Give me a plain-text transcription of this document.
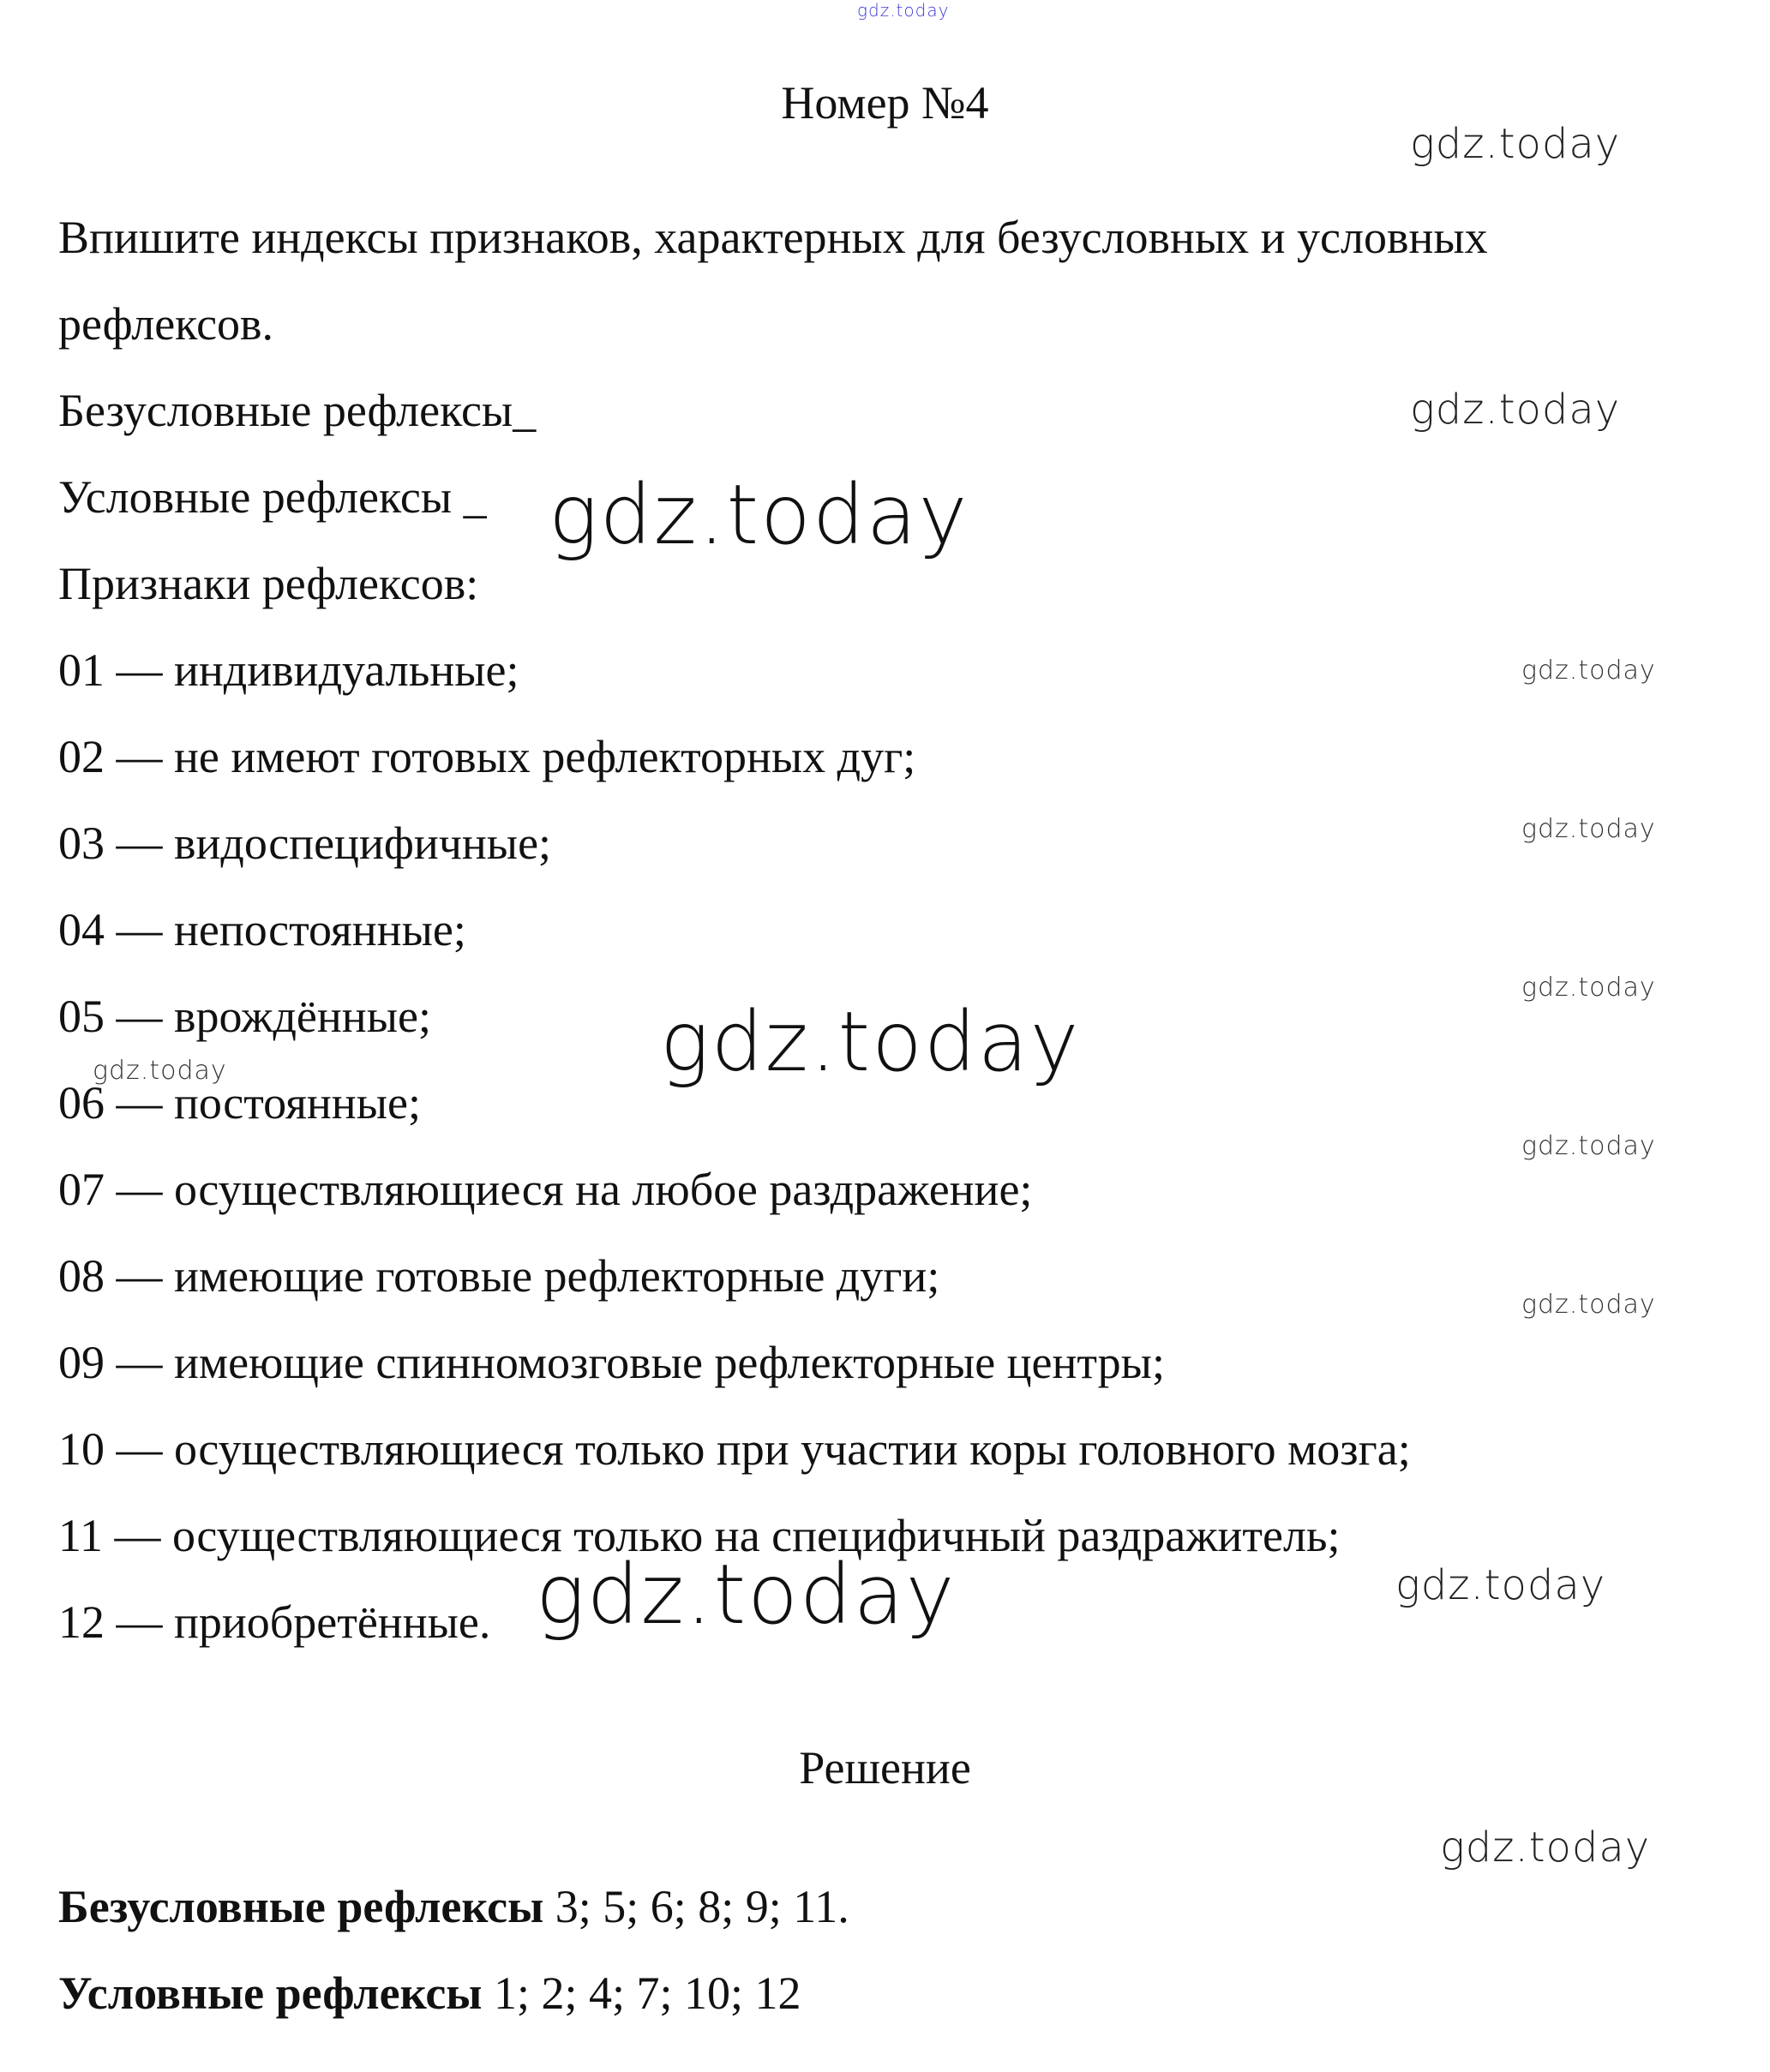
gdz.today
gdz.today
gdz.today
gdz.today
gdz.today
gdz.today
gdz.today
gdz.today
gdz.today
gdz.today
gdz.today
gdz.today
gdz.today
gdz.today
Номер №4
Впишите индексы признаков, характерных для безусловных и условных
рефлексов.
Безусловные рефлексы_
Условные рефлексы _
Признаки рефлексов:
01 — индивидуальные;
02 — не имеют готовых рефлекторных дуг;
03 — видоспецифичные;
04 — непостоянные;
05 — врождённые;
06 — постоянные;
07 — осуществляющиеся на любое раздражение;
08 — имеющие готовые рефлекторные дуги;
09 — имеющие спинномозговые рефлекторные центры;
10 — осуществляющиеся только при участии коры головного мозга;
11 — осуществляющиеся только на специфичный раздражитель;
12 — приобретённые.
Решение
Безусловные рефлексы 3; 5; 6; 8; 9; 11.
Условные рефлексы 1; 2; 4; 7; 10; 12
